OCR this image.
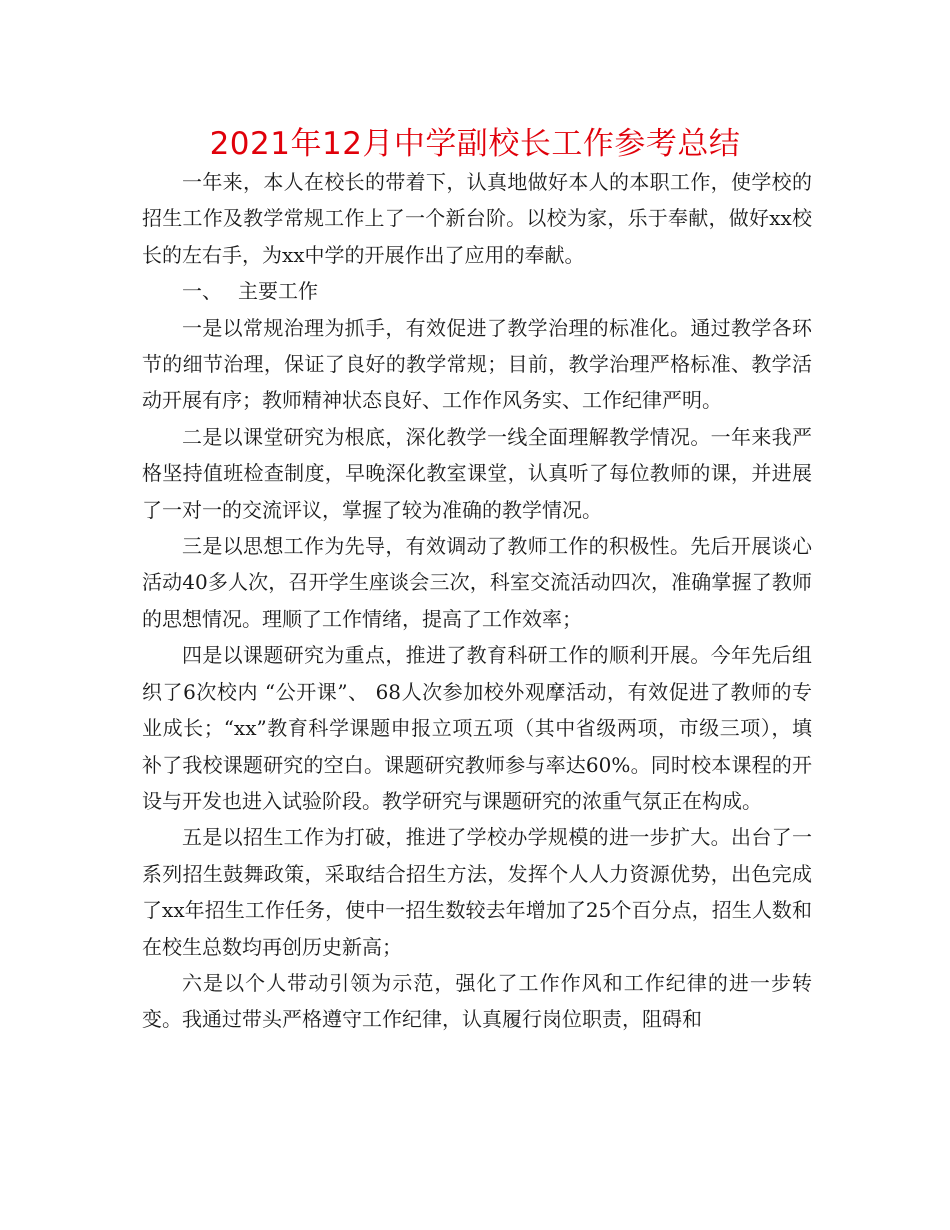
2021年12月中学副校长工作参考总结

一年来，本人在校长的带着下，认真地做好本人的本职工作，使学校的招生工作及教学常规工作上了一个新台阶。以校为家，乐于奉献，做好xx校长的左右手，为xx中学的开展作出了应用的奉献。

一、 主要工作

一是以常规治理为抓手，有效促进了教学治理的标准化。通过教学各环节的细节治理，保证了良好的教学常规；目前，教学治理严格标准、教学活动开展有序；教师精神状态良好、工作作风务实、工作纪律严明。

二是以课堂研究为根底，深化教学一线全面理解教学情况。一年来我严格坚持值班检查制度，早晚深化教室课堂，认真听了每位教师的课，并进展了一对一的交流评议，掌握了较为准确的教学情况。

三是以思想工作为先导，有效调动了教师工作的积极性。先后开展谈心活动40多人次，召开学生座谈会三次，科室交流活动四次，准确掌握了教师的思想情况。理顺了工作情绪，提高了工作效率；

四是以课题研究为重点，推进了教育科研工作的顺利开展。今年先后组织了6次校内 “公开课”、 68人次参加校外观摩活动，有效促进了教师的专业成长；“xx”教育科学课题申报立项五项（其中省级两项，市级三项），填补了我校课题研究的空白。课题研究教师参与率达60%。同时校本课程的开设与开发也进入试验阶段。教学研究与课题研究的浓重气氛正在构成。

五是以招生工作为打破，推进了学校办学规模的进一步扩大。出台了一系列招生鼓舞政策，采取结合招生方法，发挥个人人力资源优势，出色完成了xx年招生工作任务，使中一招生数较去年增加了25个百分点，招生人数和在校生总数均再创历史新高；

六是以个人带动引领为示范，强化了工作作风和工作纪律的进一步转变。我通过带头严格遵守工作纪律，认真履行岗位职责，阻碍和
